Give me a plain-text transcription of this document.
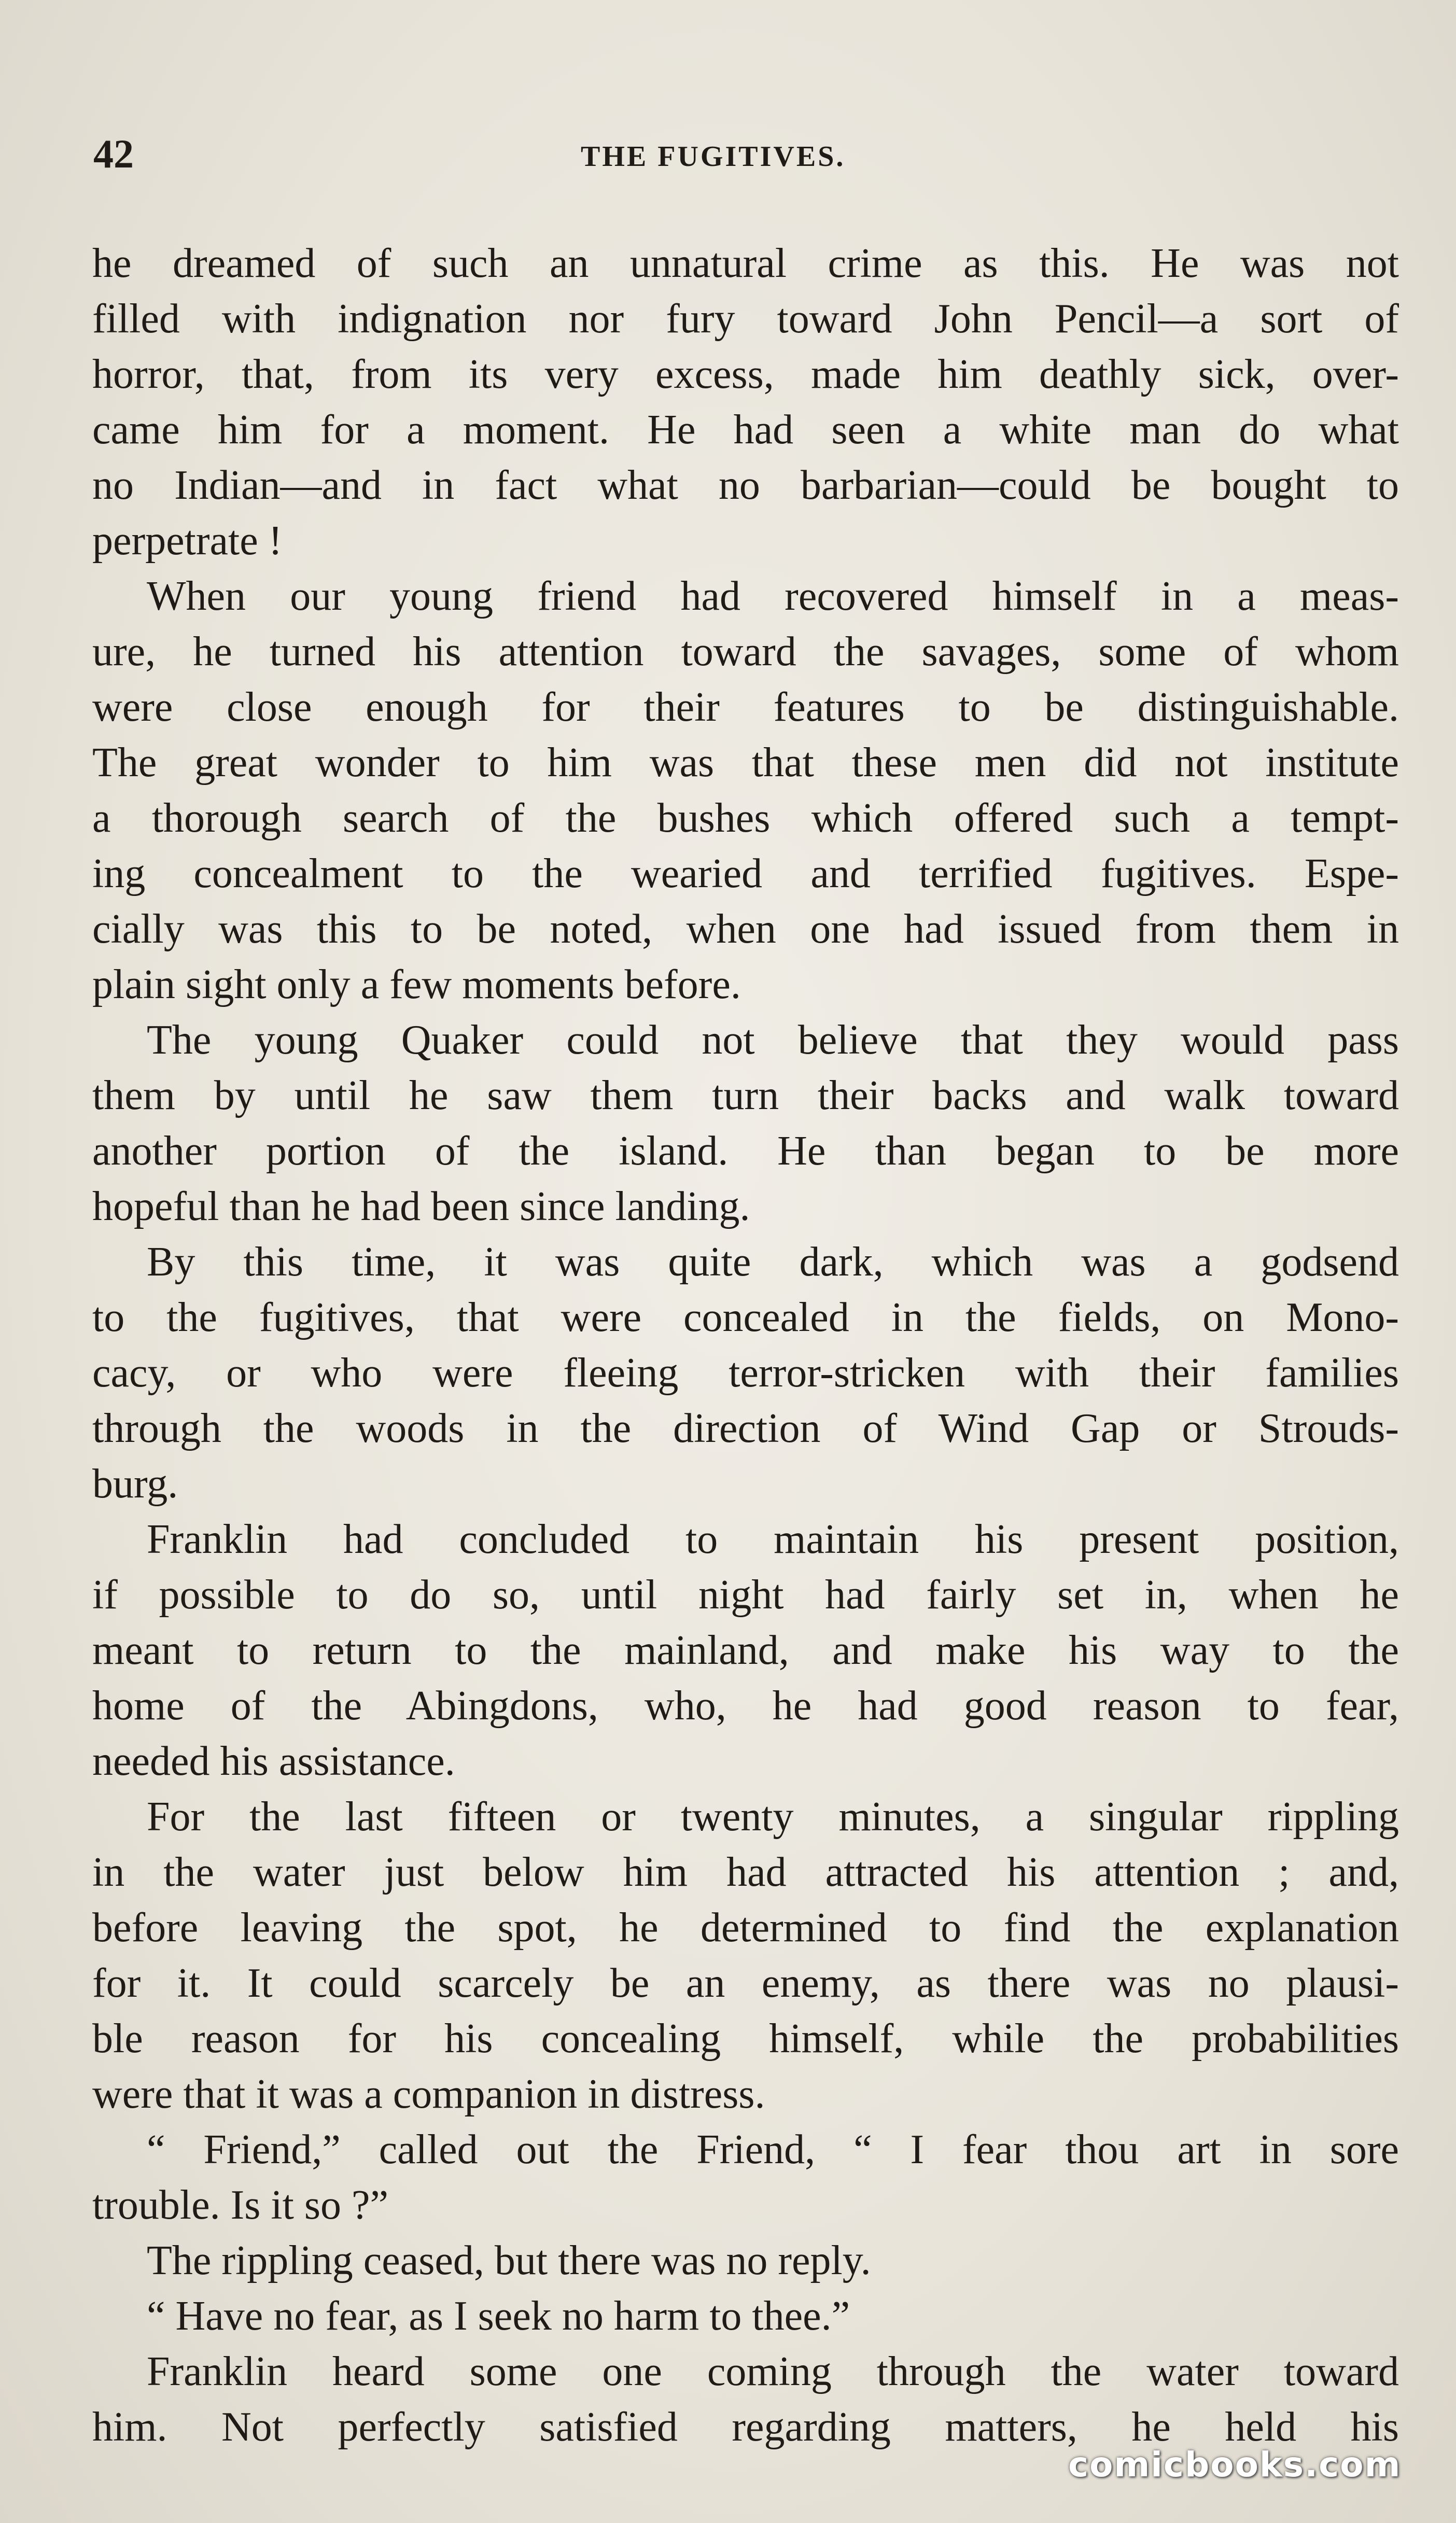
42	THE FUGITIVES.
he dreamed of such an unnatural crime as this. He was not
filled with indignation nor fury toward John Pencil—a sort of
horror, that, from its very excess, made him deathly sick, over-
came him for a moment. He had seen a white man do what
no Indian—and in fact what no barbarian—could be bought to
perpetrate !
When our young friend had recovered himself in a meas-
ure, he turned his attention toward the savages, some of whom
were close enough for their features to be distinguishable.
The great wonder to him was that these men did not institute
a thorough search of the bushes which offered such a tempt-
ing concealment to the wearied and terrified fugitives. Espe-
cially was this to be noted, when one had issued from them in
plain sight only a few moments before.
The young Quaker could not believe that they would pass
them by until he saw them turn their backs and walk toward
another portion of the island. He than began to be more
hopeful than he had been since landing.
By this time, it was quite dark, which was a godsend
to the fugitives, that were concealed in the fields, on Mono-
cacy, or who were fleeing terror-stricken with their families
through the woods in the direction of Wind Gap or Strouds-
burg.
Franklin had concluded to maintain his present position,
if possible to do so, until night had fairly set in, when he
meant to return to the mainland, and make his way to the
home of the Abingdons, who, he had good reason to fear,
needed his assistance.
For the last fifteen or twenty minutes, a singular rippling
in the water just below him had attracted his attention ; and,
before leaving the spot, he determined to find the explanation
for it. It could scarcely be an enemy, as there was no plausi-
ble reason for his concealing himself, while the probabilities
were that it was a companion in distress.
“ Friend,” called out the Friend, “ I fear thou art in sore
trouble. Is it so ?”
The rippling ceased, but there was no reply.
“ Have no fear, as I seek no harm to thee.”
Franklin heard some one coming through the water toward
him. Not perfectly satisfied regarding matters, he held his
comicbooks.com
